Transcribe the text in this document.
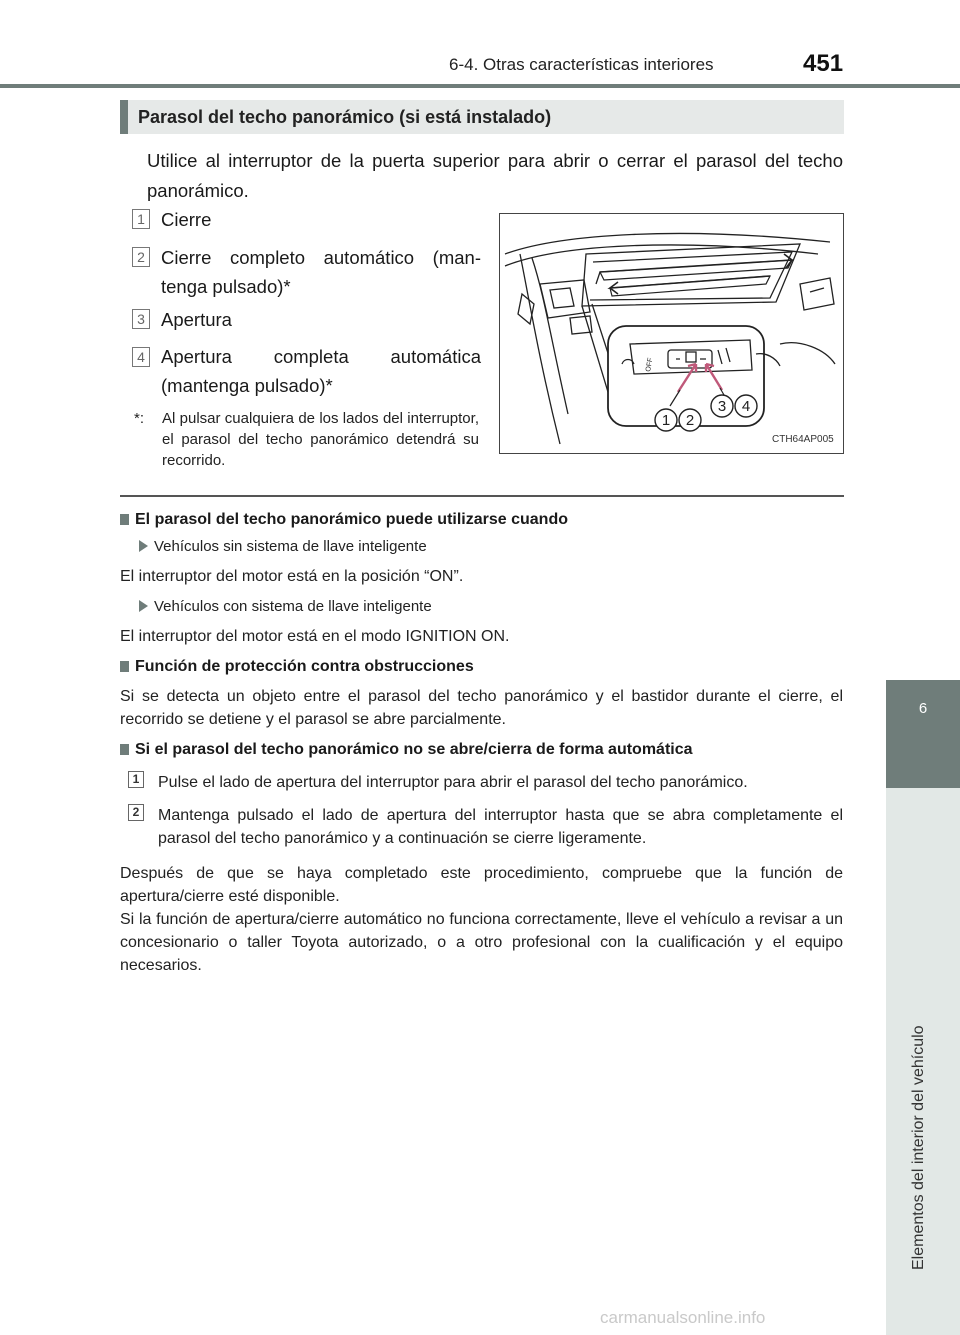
6-4. Otras características interiores	451
6
Elementos del interior del vehículo
Parasol del techo panorámico (si está instalado)
Utilice al interruptor de la puerta superior para abrir o cerrar el parasol del techo panorámico.
1 Cierre
2 Cierre completo automático (man-
tenga pulsado)*
3 Apertura
4 Apertura completa automática
(mantenga pulsado)*
*: Al pulsar cualquiera de los lados del interruptor, el parasol del techo panorámico detendrá su recorrido.
OFF
1 2
3 4
CTH64AP005
El parasol del techo panorámico puede utilizarse cuando
Vehículos sin sistema de llave inteligente
El interruptor del motor está en la posición “ON”.
Vehículos con sistema de llave inteligente
El interruptor del motor está en el modo IGNITION ON.
Función de protección contra obstrucciones
Si se detecta un objeto entre el parasol del techo panorámico y el bastidor durante el cierre, el recorrido se detiene y el parasol se abre parcialmente.
Si el parasol del techo panorámico no se abre/cierra de forma automática
1 Pulse el lado de apertura del interruptor para abrir el parasol del techo panorámico.
2 Mantenga pulsado el lado de apertura del interruptor hasta que se abra completamente el parasol del techo panorámico y a continuación se cierre ligeramente.
Después de que se haya completado este procedimiento, compruebe que la función de apertura/cierre esté disponible.
Si la función de apertura/cierre automático no funciona correctamente, lleve el vehículo a revisar a un concesionario o taller Toyota autorizado, o a otro profesional con la cualificación y el equipo necesarios.
carmanualsonline.info
